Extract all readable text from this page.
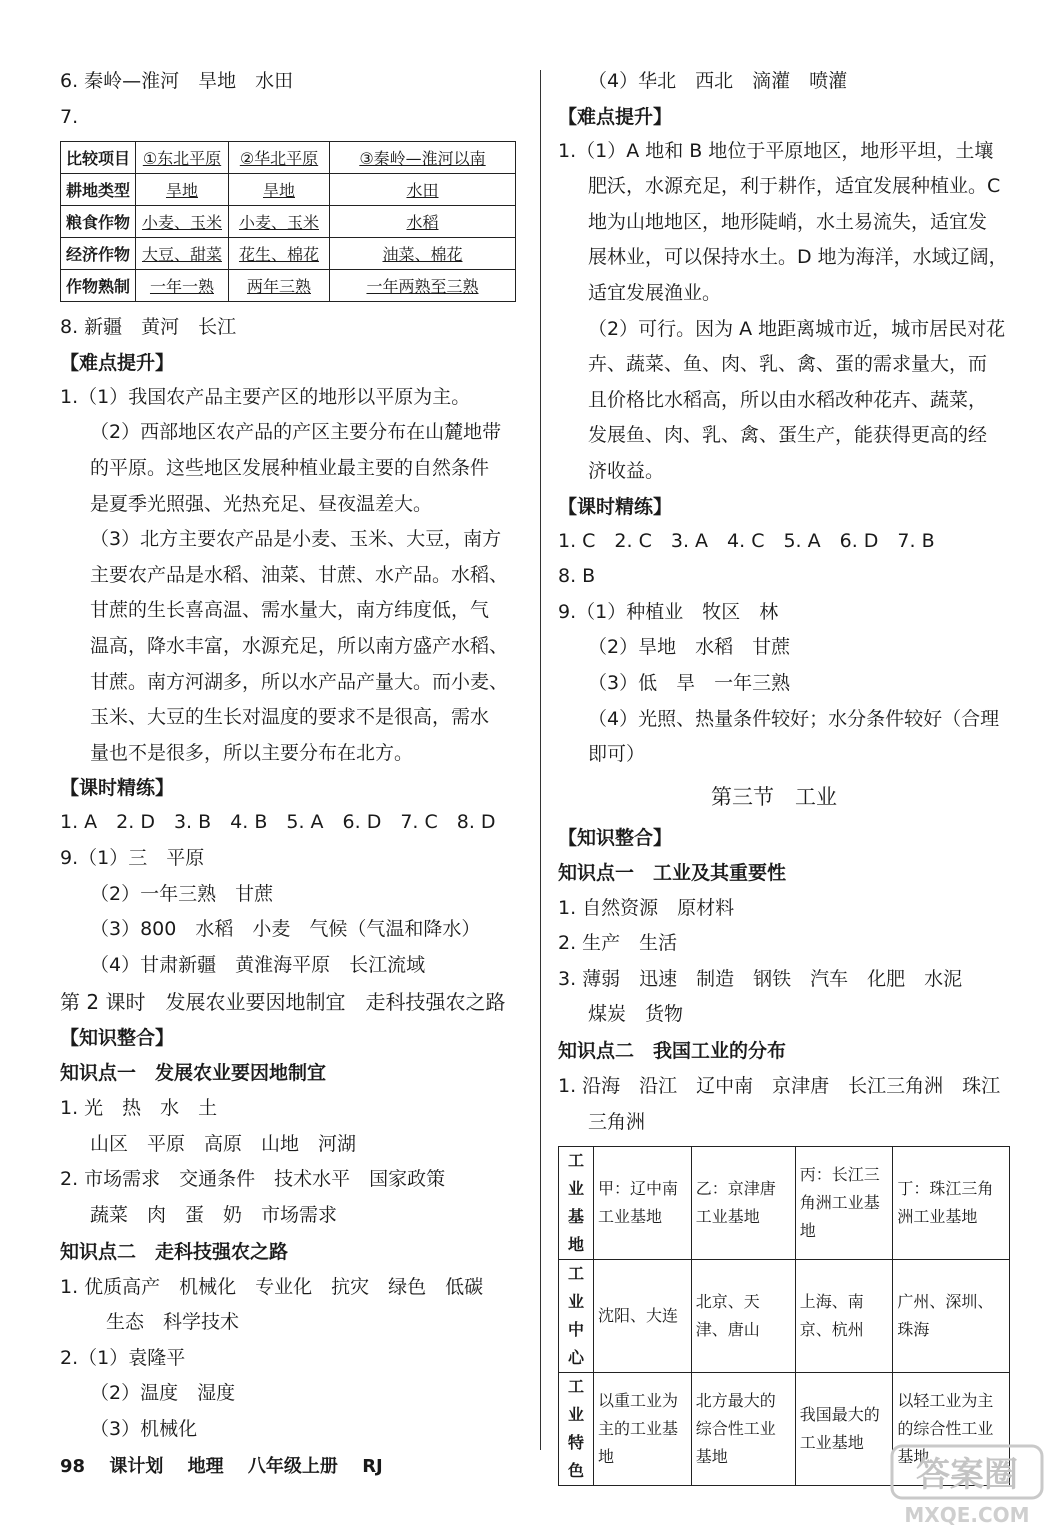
6. 秦岭—淮河　旱地　水田
7.
比较项目	①东北平原	②华北平原	③秦岭—淮河以南
耕地类型	旱地	旱地	水田
粮食作物	小麦、玉米	小麦、玉米	水稻
经济作物	大豆、甜菜	花生、棉花	油菜、棉花
作物熟制	一年一熟	两年三熟	一年两熟至三熟
8. 新疆　黄河　长江
【难点提升】
1.（1）我国农产品主要产区的地形以平原为主。
（2）西部地区农产品的产区主要分布在山麓地带
的平原。这些地区发展种植业最主要的自然条件
是夏季光照强、光热充足、昼夜温差大。
（3）北方主要农产品是小麦、玉米、大豆，南方
主要农产品是水稻、油菜、甘蔗、水产品。水稻、
甘蔗的生长喜高温、需水量大，南方纬度低，气
温高，降水丰富，水源充足，所以南方盛产水稻、
甘蔗。南方河湖多，所以水产品产量大。而小麦、
玉米、大豆的生长对温度的要求不是很高，需水
量也不是很多，所以主要分布在北方。
【课时精练】
1. A　2. D　3. B　4. B　5. A　6. D　7. C　8. D
9.（1）三　平原
（2）一年三熟　甘蔗
（3）800　水稻　小麦　气候（气温和降水）
（4）甘肃新疆　黄淮海平原　长江流域
第 2 课时　发展农业要因地制宜　走科技强农之路
【知识整合】
知识点一　发展农业要因地制宜
1. 光　热　水　土
山区　平原　高原　山地　河湖
2. 市场需求　交通条件　技术水平　国家政策
蔬菜　肉　蛋　奶　市场需求
知识点二　走科技强农之路
1. 优质高产　机械化　专业化　抗灾　绿色　低碳
生态　科学技术
2.（1）袁隆平
（2）温度　湿度
（3）机械化
（4）华北　西北　滴灌　喷灌
【难点提升】
1.（1）A 地和 B 地位于平原地区，地形平坦，土壤
肥沃，水源充足，利于耕作，适宜发展种植业。C
地为山地地区，地形陡峭，水土易流失，适宜发
展林业，可以保持水土。D 地为海洋，水域辽阔，
适宜发展渔业。
（2）可行。因为 A 地距离城市近，城市居民对花
卉、蔬菜、鱼、肉、乳、禽、蛋的需求量大，而
且价格比水稻高，所以由水稻改种花卉、蔬菜，
发展鱼、肉、乳、禽、蛋生产，能获得更高的经
济收益。
【课时精练】
1. C　2. C　3. A　4. C　5. A　6. D　7. B
8. B
9.（1）种植业　牧区　林
（2）旱地　水稻　甘蔗
（3）低　旱　一年三熟
（4）光照、热量条件较好；水分条件较好（合理
即可）
第三节　工业
【知识整合】
知识点一　工业及其重要性
1. 自然资源　原材料
2. 生产　生活
3. 薄弱　迅速　制造　钢铁　汽车　化肥　水泥
煤炭　货物
知识点二　我国工业的分布
1. 沿海　沿江　辽中南　京津唐　长江三角洲　珠江
三角洲
工业基地	甲：辽中南工业基地	乙：京津唐工业基地	丙：长江三角洲工业基地	丁：珠江三角洲工业基地
工业中心	沈阳、大连	北京、天津、唐山	上海、南京、杭州	广州、深圳、珠海
工业特色	以重工业为主的工业基地	北方最大的综合性工业基地	我国最大的工业基地	以轻工业为主的综合性工业基地
98 课计划 地理 八年级上册 RJ	答案圈
MXQE.COM
